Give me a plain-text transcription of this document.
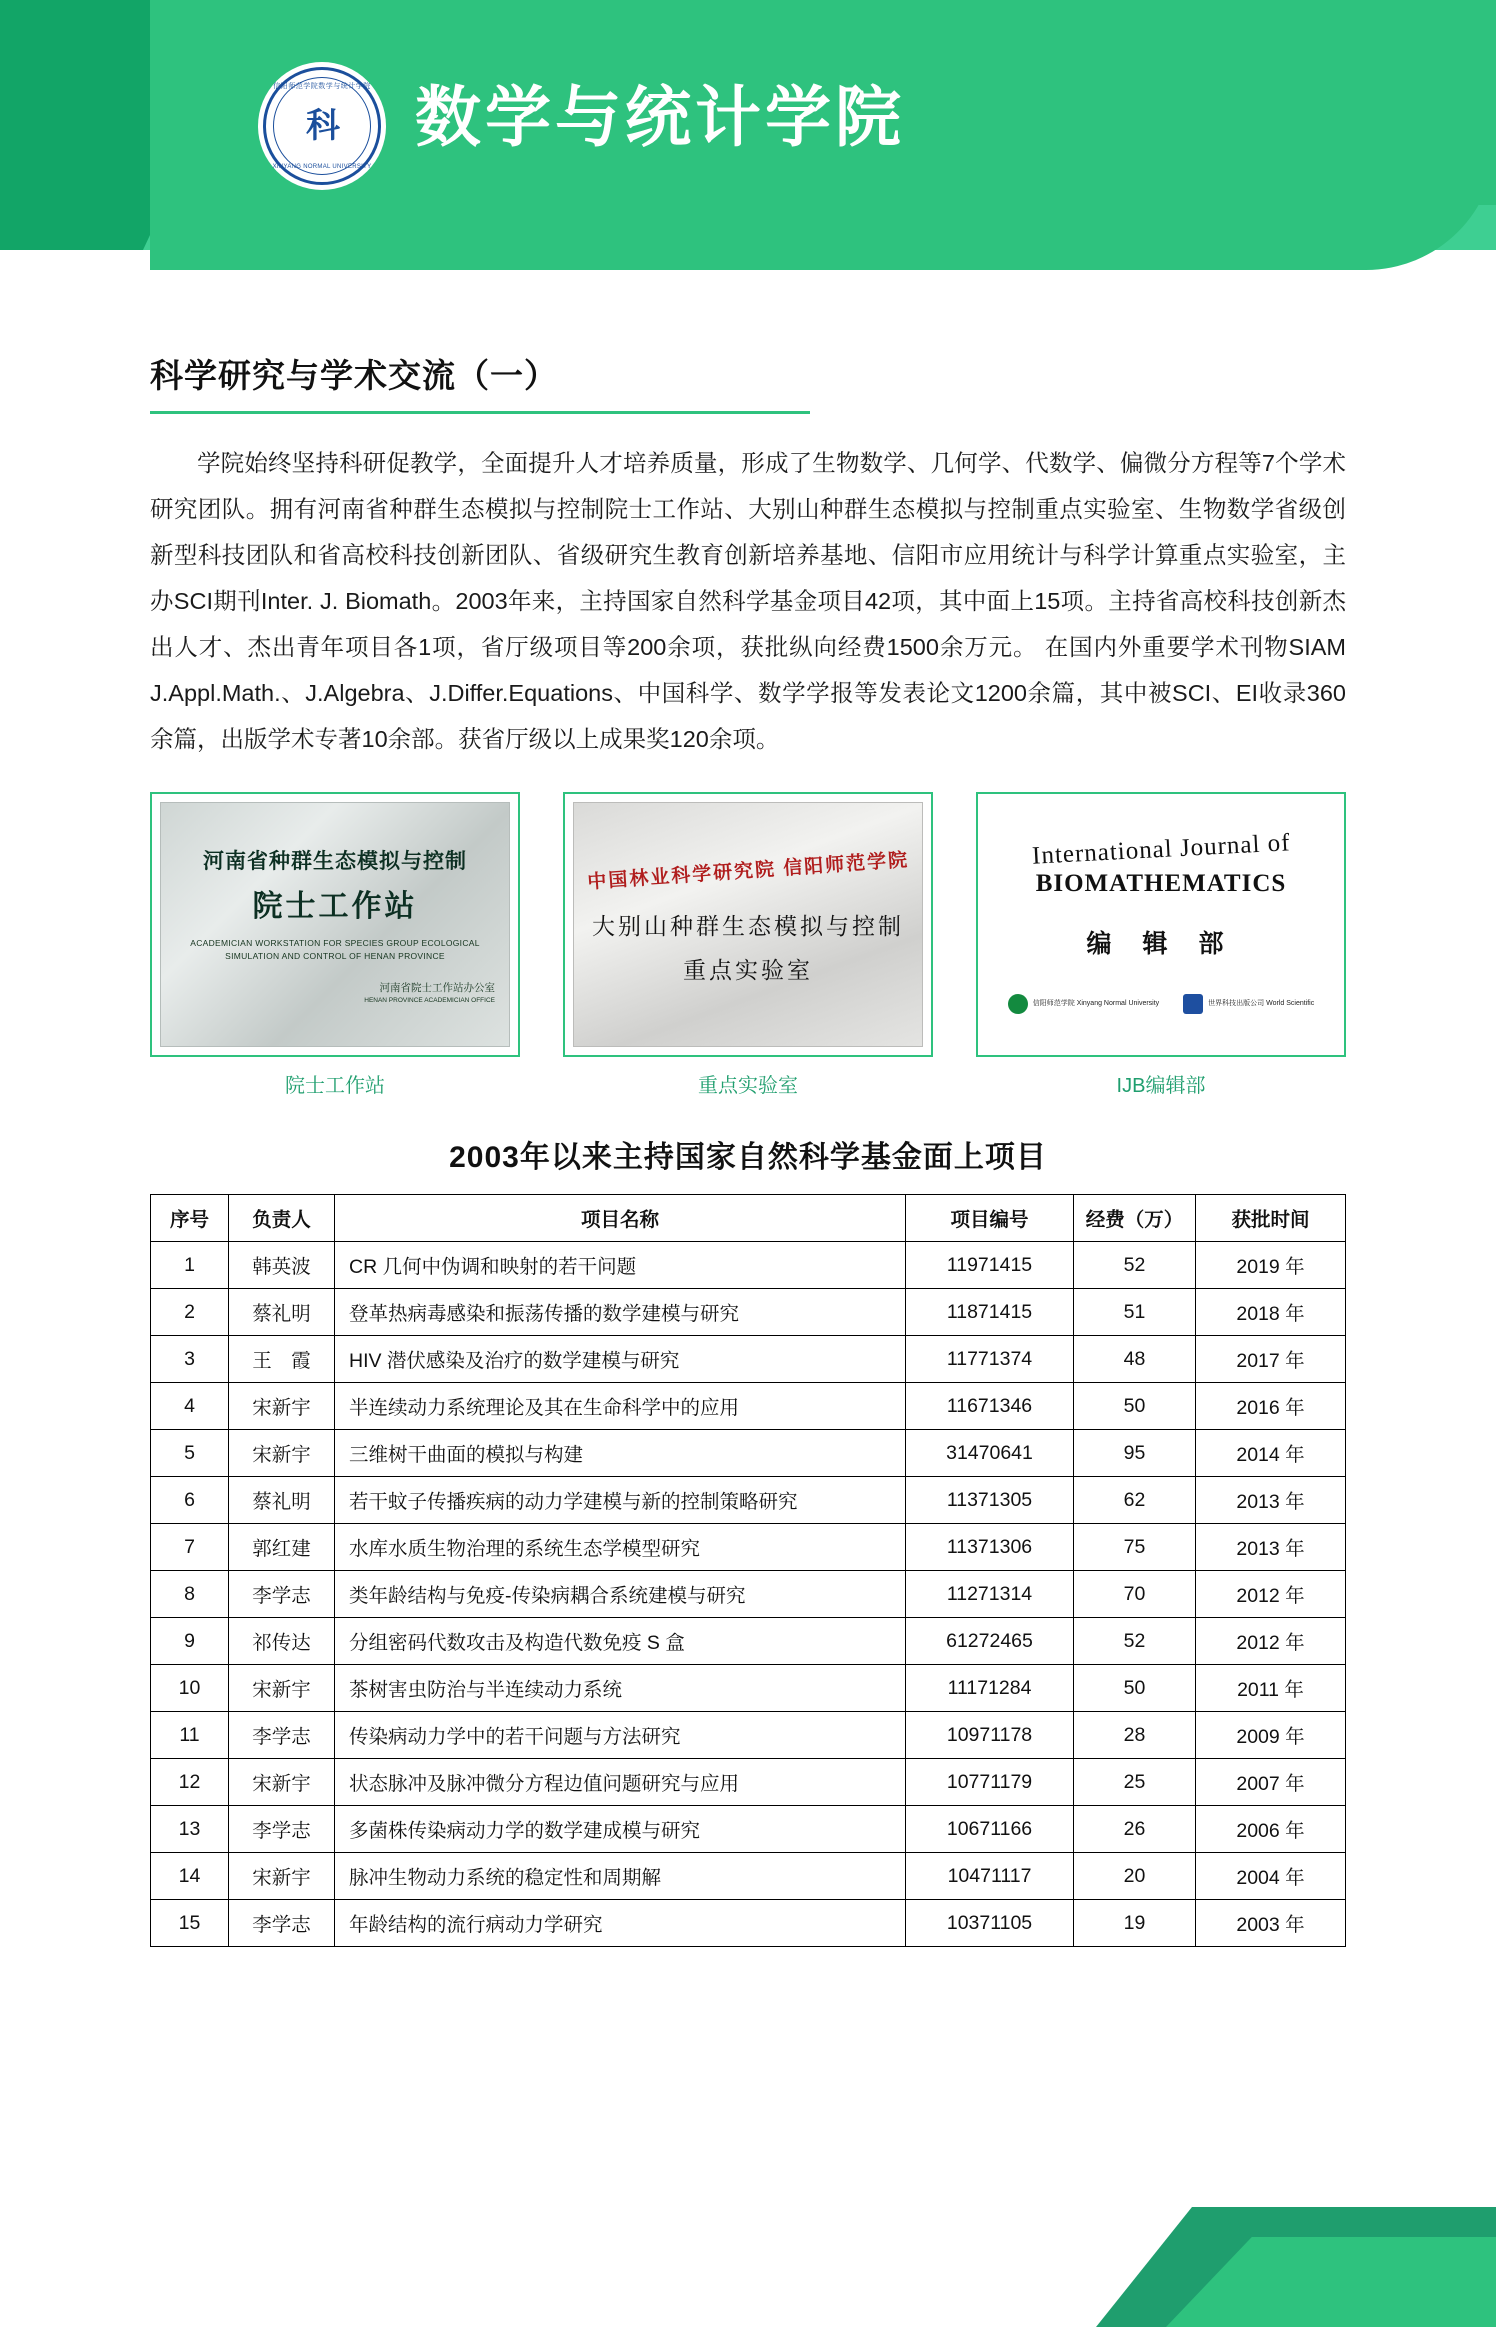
信阳师范学院数学与统计学院
科
XINYANG NORMAL UNIVERSITY
数学与统计学院
科学研究与学术交流（一）

学院始终坚持科研促教学，全面提升人才培养质量，形成了生物数学、几何学、代数学、偏微分方程等7个学术研究团队。拥有河南省种群生态模拟与控制院士工作站、大别山种群生态模拟与控制重点实验室、生物数学省级创新型科技团队和省高校科技创新团队、省级研究生教育创新培养基地、信阳市应用统计与科学计算重点实验室，主办SCI期刊Inter. J. Biomath。2003年来，主持国家自然科学基金项目42项，其中面上15项。主持省高校科技创新杰出人才、杰出青年项目各1项，省厅级项目等200余项，获批纵向经费1500余万元。 在国内外重要学术刊物SIAM J.Appl.Math.、J.Algebra、J.Differ.Equations、中国科学、数学学报等发表论文1200余篇，其中被SCI、EI收录360余篇，出版学术专著10余部。获省厅级以上成果奖120余项。

河南省种群生态模拟与控制
院士工作站
ACADEMICIAN WORKSTATION FOR SPECIES GROUP ECOLOGICAL SIMULATION AND CONTROL OF HENAN PROVINCE
河南省院士工作站办公室
HENAN PROVINCE ACADEMICIAN OFFICE
院士工作站
中国林业科学研究院 信阳师范学院
大别山种群生态模拟与控制
重点实验室
重点实验室
International Journal of
BIOMATHEMATICS
编 辑 部
信阳师范学院 Xinyang Normal University	世界科技出版公司 World Scientific
IJB编辑部
2003年以来主持国家自然科学基金面上项目
序号	负责人	项目名称	项目编号	经费（万）	获批时间
1	韩英波	CR 几何中伪调和映射的若干问题	11971415	52	2019 年
2	蔡礼明	登革热病毒感染和振荡传播的数学建模与研究	11871415	51	2018 年
3	王　霞	HIV 潜伏感染及治疗的数学建模与研究	11771374	48	2017 年
4	宋新宇	半连续动力系统理论及其在生命科学中的应用	11671346	50	2016 年
5	宋新宇	三维树干曲面的模拟与构建	31470641	95	2014 年
6	蔡礼明	若干蚊子传播疾病的动力学建模与新的控制策略研究	11371305	62	2013 年
7	郭红建	水库水质生物治理的系统生态学模型研究	11371306	75	2013 年
8	李学志	类年龄结构与免疫-传染病耦合系统建模与研究	11271314	70	2012 年
9	祁传达	分组密码代数攻击及构造代数免疫 S 盒	61272465	52	2012 年
10	宋新宇	茶树害虫防治与半连续动力系统	11171284	50	2011 年
11	李学志	传染病动力学中的若干问题与方法研究	10971178	28	2009 年
12	宋新宇	状态脉冲及脉冲微分方程边值问题研究与应用	10771179	25	2007 年
13	李学志	多菌株传染病动力学的数学建成模与研究	10671166	26	2006 年
14	宋新宇	脉冲生物动力系统的稳定性和周期解	10471117	20	2004 年
15	李学志	年龄结构的流行病动力学研究	10371105	19	2003 年
